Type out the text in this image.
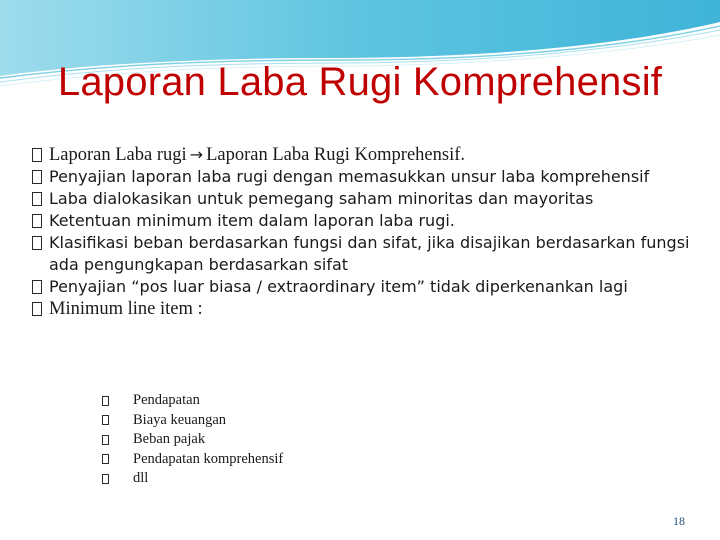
Laporan Laba Rugi Komprehensif
Laporan Laba rugi → Laporan Laba Rugi Komprehensif.
Penyajian laporan laba rugi dengan memasukkan unsur laba komprehensif
Laba dialokasikan untuk pemegang saham minoritas dan mayoritas
Ketentuan minimum item dalam laporan laba rugi.
Klasifikasi beban berdasarkan fungsi dan sifat, jika disajikan berdasarkan fungsi ada pengungkapan berdasarkan sifat
Penyajian “pos luar biasa / extraordinary item” tidak diperkenankan lagi
Minimum line item :
Pendapatan
Biaya keuangan
Beban pajak
Pendapatan komprehensif
dll
18
